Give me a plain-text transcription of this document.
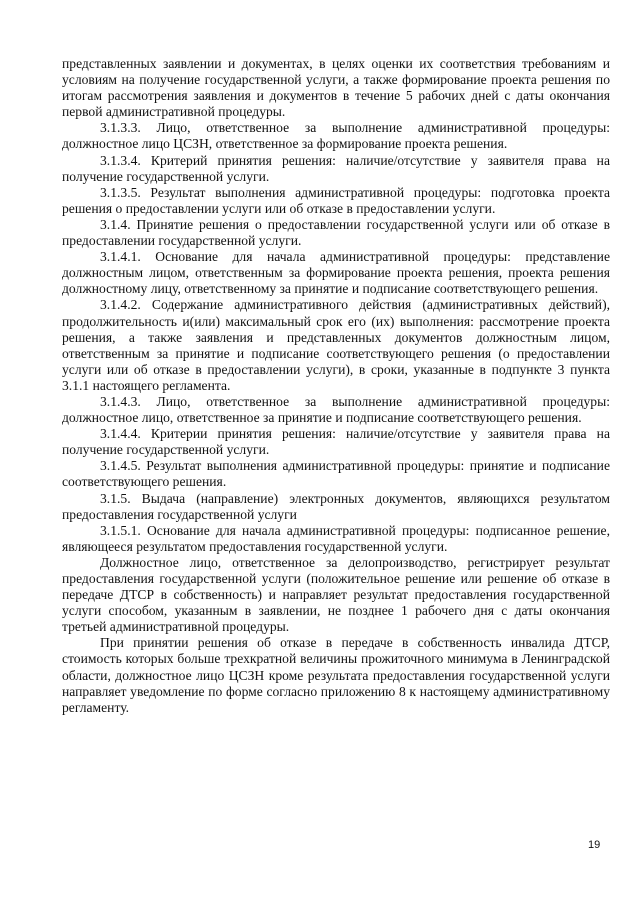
представленных заявлении и документах, в целях оценки их соответствия требованиям и условиям на получение государственной услуги, а также формирование проекта решения по итогам рассмотрения заявления и документов в течение 5 рабочих дней с даты окончания первой административной процедуры.

3.1.3.3. Лицо, ответственное за выполнение административной процедуры: должностное лицо ЦСЗН, ответственное за формирование проекта решения.

3.1.3.4. Критерий принятия решения: наличие/отсутствие у заявителя права на получение государственной услуги.

3.1.3.5. Результат выполнения административной процедуры: подготовка проекта решения о предоставлении услуги или об отказе в предоставлении услуги.

3.1.4. Принятие решения о предоставлении государственной услуги или об отказе в предоставлении государственной услуги.

3.1.4.1. Основание для начала административной процедуры: представление должностным лицом, ответственным за формирование проекта решения, проекта решения должностному лицу, ответственному за принятие и подписание соответствующего решения.

3.1.4.2. Содержание административного действия (административных действий), продолжительность и(или) максимальный срок его (их) выполнения: рассмотрение проекта решения, а также заявления и представленных документов должностным лицом, ответственным за принятие и подписание соответствующего решения (о предоставлении услуги или об отказе в предоставлении услуги), в сроки, указанные в подпункте 3 пункта 3.1.1 настоящего регламента.

3.1.4.3. Лицо, ответственное за выполнение административной процедуры: должностное лицо, ответственное за принятие и подписание соответствующего решения.

3.1.4.4. Критерии принятия решения: наличие/отсутствие у заявителя права на получение государственной услуги.

3.1.4.5. Результат выполнения административной процедуры: принятие и подписание соответствующего решения.

3.1.5. Выдача (направление) электронных документов, являющихся результатом предоставления государственной услуги

3.1.5.1. Основание для начала административной процедуры: подписанное решение, являющееся результатом предоставления государственной услуги.

Должностное лицо, ответственное за делопроизводство, регистрирует результат предоставления государственной услуги (положительное решение или решение об отказе в передаче ДТСР в собственность) и направляет результат предоставления государственной услуги способом, указанным в заявлении, не позднее 1 рабочего дня с даты окончания третьей административной процедуры.

При принятии решения об отказе в передаче в собственность инвалида ДТСР, стоимость которых больше трехкратной величины прожиточного минимума в Ленинградской области, должностное лицо ЦСЗН кроме результата предоставления государственной услуги направляет уведомление по форме согласно приложению 8 к настоящему административному регламенту.

19
